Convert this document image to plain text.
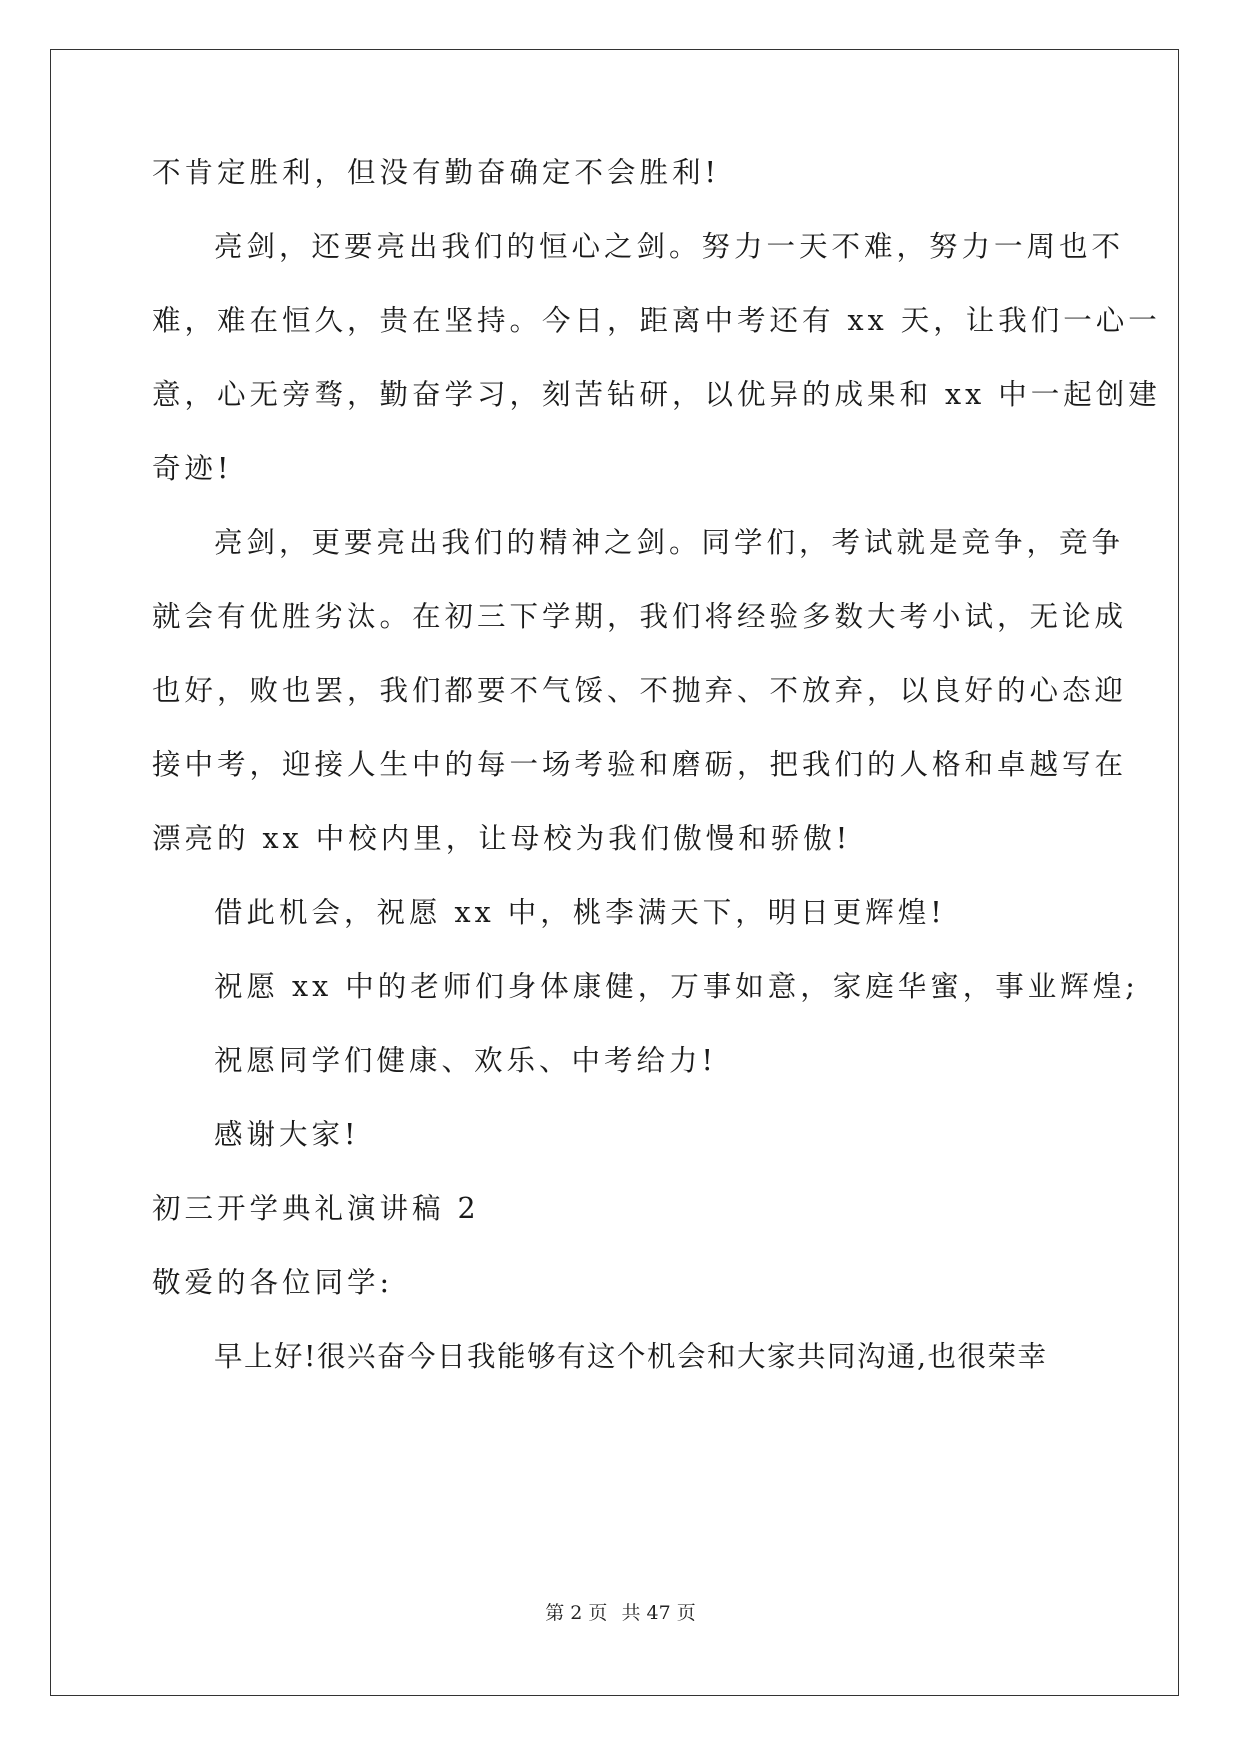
不肯定胜利，但没有勤奋确定不会胜利!
亮剑，还要亮出我们的恒心之剑。努力一天不难，努力一周也不
难，难在恒久，贵在坚持。今日，距离中考还有 xx 天，让我们一心一
意，心无旁骛，勤奋学习，刻苦钻研，以优异的成果和 xx 中一起创建
奇迹!
亮剑，更要亮出我们的精神之剑。同学们，考试就是竞争，竞争
就会有优胜劣汰。在初三下学期，我们将经验多数大考小试，无论成
也好，败也罢，我们都要不气馁、不抛弃、不放弃，以良好的心态迎
接中考，迎接人生中的每一场考验和磨砺，把我们的人格和卓越写在
漂亮的 xx 中校内里，让母校为我们傲慢和骄傲!
借此机会，祝愿 xx 中，桃李满天下，明日更辉煌!
祝愿 xx 中的老师们身体康健，万事如意，家庭华蜜，事业辉煌;
祝愿同学们健康、欢乐、中考给力!
感谢大家!
初三开学典礼演讲稿 2
敬爱的各位同学:
早上好!很兴奋今日我能够有这个机会和大家共同沟通,也很荣幸
第 2 页 共 47 页
